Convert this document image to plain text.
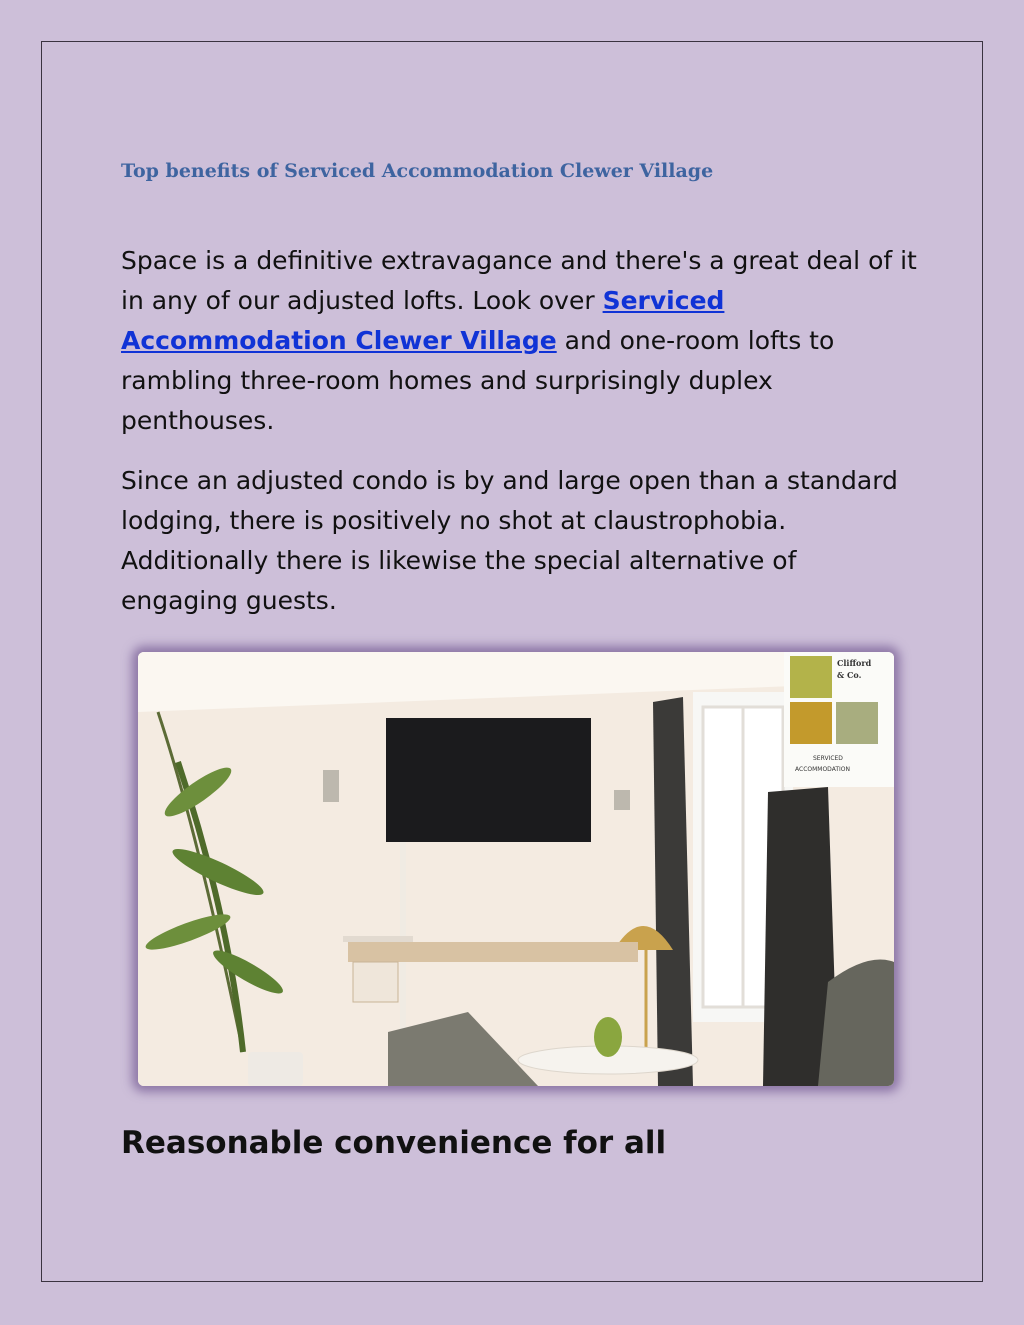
Top benefits of Serviced Accommodation Clewer Village

Space is a definitive extravagance and there's a great deal of it in any of our adjusted lofts. Look over Serviced Accommodation Clewer Village and one-room lofts to rambling three-room homes and surprisingly duplex penthouses.

Since an adjusted condo is by and large open than a standard lodging, there is positively no shot at claustrophobia. Additionally there is likewise the special alternative of engaging guests.

Clifford
& Co.
SERVICED
ACCOMMODATION
Reasonable convenience for all
